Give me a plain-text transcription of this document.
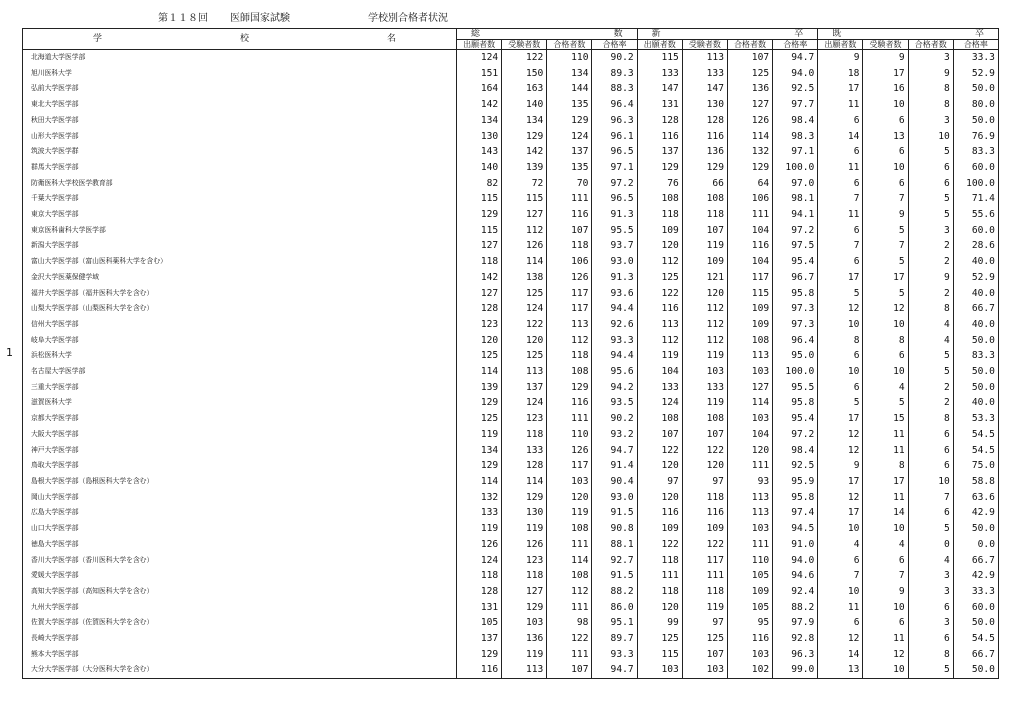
第１１８回 医師国家試験	学校別合格者状況
1
学 校 名	総 数				新 卒				既 卒			

	出願者数	受験者数	合格者数	合格率	出願者数	受験者数	合格者数	合格率	出願者数	受験者数	合格者数	合格率
北海道大学医学部	124	122	110	90.2	115	113	107	94.7	9	9	3	33.3
旭川医科大学	151	150	134	89.3	133	133	125	94.0	18	17	9	52.9
弘前大学医学部	164	163	144	88.3	147	147	136	92.5	17	16	8	50.0
東北大学医学部	142	140	135	96.4	131	130	127	97.7	11	10	8	80.0
秋田大学医学部	134	134	129	96.3	128	128	126	98.4	6	6	3	50.0
山形大学医学部	130	129	124	96.1	116	116	114	98.3	14	13	10	76.9
筑波大学医学群	143	142	137	96.5	137	136	132	97.1	6	6	5	83.3
群馬大学医学部	140	139	135	97.1	129	129	129	100.0	11	10	6	60.0
防衛医科大学校医学教育部	82	72	70	97.2	76	66	64	97.0	6	6	6	100.0
千葉大学医学部	115	115	111	96.5	108	108	106	98.1	7	7	5	71.4
東京大学医学部	129	127	116	91.3	118	118	111	94.1	11	9	5	55.6
東京医科歯科大学医学部	115	112	107	95.5	109	107	104	97.2	6	5	3	60.0
新潟大学医学部	127	126	118	93.7	120	119	116	97.5	7	7	2	28.6
富山大学医学部（富山医科薬科大学を含む）	118	114	106	93.0	112	109	104	95.4	6	5	2	40.0
金沢大学医薬保健学域	142	138	126	91.3	125	121	117	96.7	17	17	9	52.9
福井大学医学部（福井医科大学を含む）	127	125	117	93.6	122	120	115	95.8	5	5	2	40.0
山梨大学医学部（山梨医科大学を含む）	128	124	117	94.4	116	112	109	97.3	12	12	8	66.7
信州大学医学部	123	122	113	92.6	113	112	109	97.3	10	10	4	40.0
岐阜大学医学部	120	120	112	93.3	112	112	108	96.4	8	8	4	50.0
浜松医科大学	125	125	118	94.4	119	119	113	95.0	6	6	5	83.3
名古屋大学医学部	114	113	108	95.6	104	103	103	100.0	10	10	5	50.0
三重大学医学部	139	137	129	94.2	133	133	127	95.5	6	4	2	50.0
滋賀医科大学	129	124	116	93.5	124	119	114	95.8	5	5	2	40.0
京都大学医学部	125	123	111	90.2	108	108	103	95.4	17	15	8	53.3
大阪大学医学部	119	118	110	93.2	107	107	104	97.2	12	11	6	54.5
神戸大学医学部	134	133	126	94.7	122	122	120	98.4	12	11	6	54.5
鳥取大学医学部	129	128	117	91.4	120	120	111	92.5	9	8	6	75.0
島根大学医学部（島根医科大学を含む）	114	114	103	90.4	97	97	93	95.9	17	17	10	58.8
岡山大学医学部	132	129	120	93.0	120	118	113	95.8	12	11	7	63.6
広島大学医学部	133	130	119	91.5	116	116	113	97.4	17	14	6	42.9
山口大学医学部	119	119	108	90.8	109	109	103	94.5	10	10	5	50.0
徳島大学医学部	126	126	111	88.1	122	122	111	91.0	4	4	0	0.0
香川大学医学部（香川医科大学を含む）	124	123	114	92.7	118	117	110	94.0	6	6	4	66.7
愛媛大学医学部	118	118	108	91.5	111	111	105	94.6	7	7	3	42.9
高知大学医学部（高知医科大学を含む）	128	127	112	88.2	118	118	109	92.4	10	9	3	33.3
九州大学医学部	131	129	111	86.0	120	119	105	88.2	11	10	6	60.0
佐賀大学医学部（佐賀医科大学を含む）	105	103	98	95.1	99	97	95	97.9	6	6	3	50.0
長崎大学医学部	137	136	122	89.7	125	125	116	92.8	12	11	6	54.5
熊本大学医学部	129	119	111	93.3	115	107	103	96.3	14	12	8	66.7
大分大学医学部（大分医科大学を含む）	116	113	107	94.7	103	103	102	99.0	13	10	5	50.0
